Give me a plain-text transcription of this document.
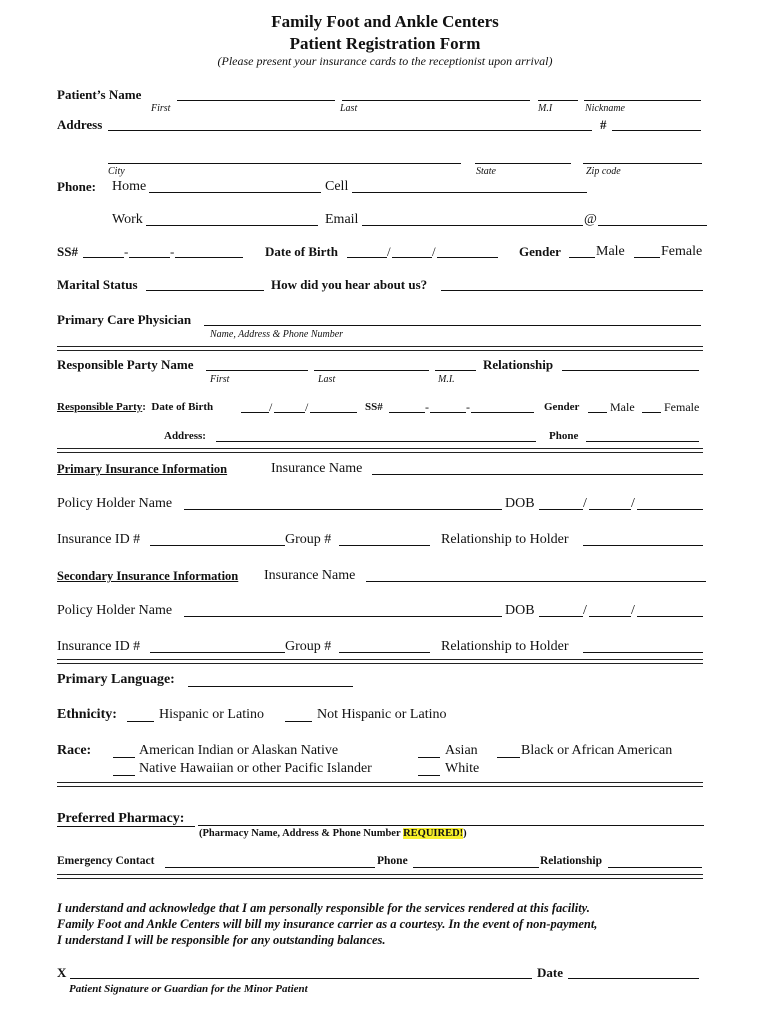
Family Foot and Ankle Centers
Patient Registration Form
(Please present your insurance cards to the receptionist upon arrival)
Patient’s Name
First	Last	M.I	Nickname
Address	#
City	State	Zip code
Phone: Home	Cell
Work	Email	@
SS#	-	-	Date of Birth	/	/	Gender	Male	Female
Marital Status	How did you hear about us?
Primary Care Physician
Name, Address & Phone Number
Responsible Party Name	Relationship
First	Last	M.I.
Responsible Party: Date of Birth	/	/	SS#	-	-	Gender	Male Female
Address:	Phone
Primary Insurance Information	Insurance Name
Policy Holder Name	DOB	/	/
Insurance ID #	Group #	Relationship to Holder
Secondary Insurance Information Insurance Name
Policy Holder Name	DOB	/	/
Insurance ID #	Group #	Relationship to Holder
Primary Language:
Ethnicity:	Hispanic or Latino	Not Hispanic or Latino
Race:	American Indian or Alaskan Native	Asian	Black or African American
Native Hawaiian or other Pacific Islander	White
Preferred Pharmacy:
(Pharmacy Name, Address & Phone Number REQUIRED!)
Emergency Contact	Phone	Relationship
I understand and acknowledge that I am personally responsible for the services rendered at this facility.
Family Foot and Ankle Centers will bill my insurance carrier as a courtesy. In the event of non-payment,
I understand I will be responsible for any outstanding balances.
X	Date
Patient Signature or Guardian for the Minor Patient
